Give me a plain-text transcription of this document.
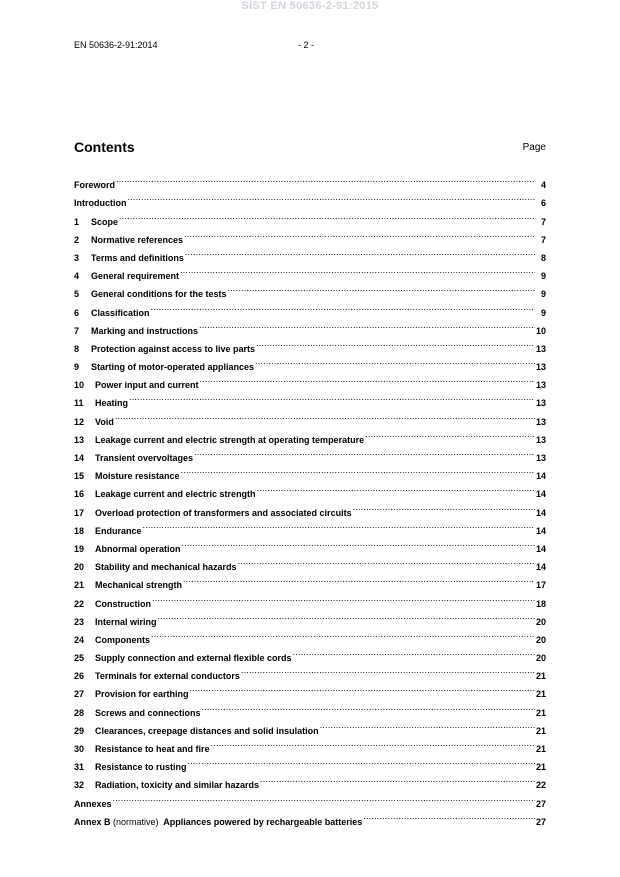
SIST EN 50636-2-91:2015
EN 50636-2-91:2014	- 2 -
Contents	Page
Foreword .....	4
Introduction .....	6
1	Scope .....	7
2	Normative references .....	7
3	Terms and definitions .....	8
4	General requirement .....	9
5	General conditions for the tests .....	9
6	Classification .....	9
7	Marking and instructions .....	10
8	Protection against access to live parts .....	13
9	Starting of motor-operated appliances .....	13
10	Power input and current .....	13
11	Heating .....	13
12	Void .....	13
13	Leakage current and electric strength at operating temperature .....	13
14	Transient overvoltages .....	13
15	Moisture resistance .....	14
16	Leakage current and electric strength .....	14
17	Overload protection of transformers and associated circuits .....	14
18	Endurance .....	14
19	Abnormal operation .....	14
20	Stability and mechanical hazards .....	14
21	Mechanical strength .....	17
22	Construction .....	18
23	Internal wiring .....	20
24	Components .....	20
25	Supply connection and external flexible cords .....	20
26	Terminals for external conductors .....	21
27	Provision for earthing .....	21
28	Screws and connections .....	21
29	Clearances, creepage distances and solid insulation .....	21
30	Resistance to heat and fire .....	21
31	Resistance to rusting .....	21
32	Radiation, toxicity and similar hazards .....	22
Annexes .....	27
Annex B (normative) Appliances powered by rechargeable batteries .....	27
